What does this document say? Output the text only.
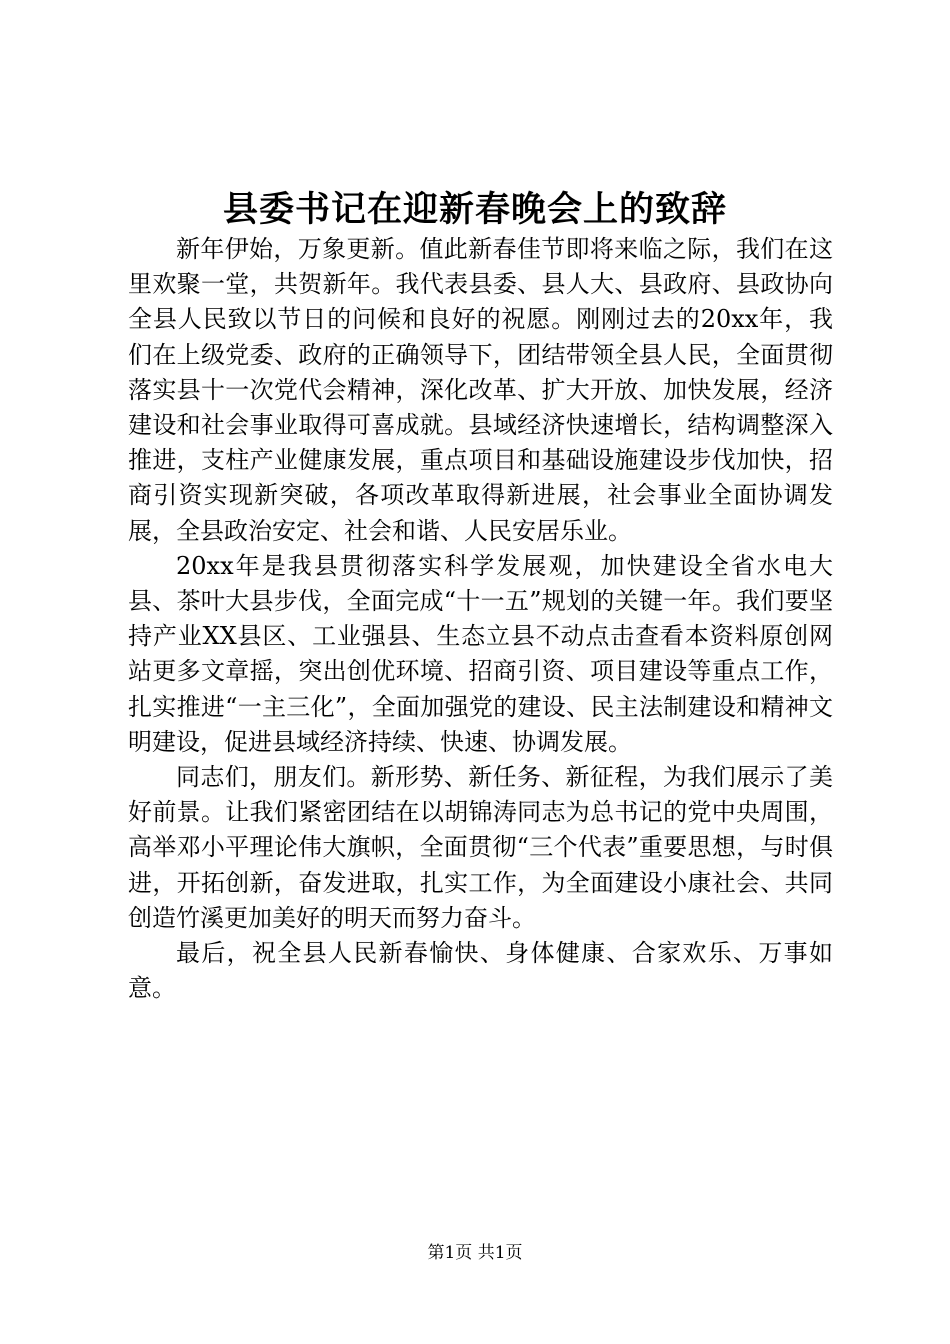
县委书记在迎新春晚会上的致辞

新年伊始，万象更新。值此新春佳节即将来临之际，我们在这里欢聚一堂，共贺新年。我代表县委、县人大、县政府、县政协向全县人民致以节日的问候和良好的祝愿。刚刚过去的20xx年，我们在上级党委、政府的正确领导下，团结带领全县人民，全面贯彻落实县十一次党代会精神，深化改革、扩大开放、加快发展，经济建设和社会事业取得可喜成就。县域经济快速增长，结构调整深入推进，支柱产业健康发展，重点项目和基础设施建设步伐加快，招商引资实现新突破，各项改革取得新进展，社会事业全面协调发展，全县政治安定、社会和谐、人民安居乐业。

20xx年是我县贯彻落实科学发展观，加快建设全省水电大县、茶叶大县步伐，全面完成“十一五”规划的关键一年。我们要坚持产业XX县区、工业强县、生态立县不动点击查看本资料原创网站更多文章摇，突出创优环境、招商引资、项目建设等重点工作，扎实推进“一主三化”，全面加强党的建设、民主法制建设和精神文明建设，促进县域经济持续、快速、协调发展。

同志们，朋友们。新形势、新任务、新征程，为我们展示了美好前景。让我们紧密团结在以胡锦涛同志为总书记的党中央周围，高举邓小平理论伟大旗帜，全面贯彻“三个代表”重要思想，与时俱进，开拓创新，奋发进取，扎实工作，为全面建设小康社会、共同创造竹溪更加美好的明天而努力奋斗。

最后，祝全县人民新春愉快、身体健康、合家欢乐、万事如意。

第1页 共1页
